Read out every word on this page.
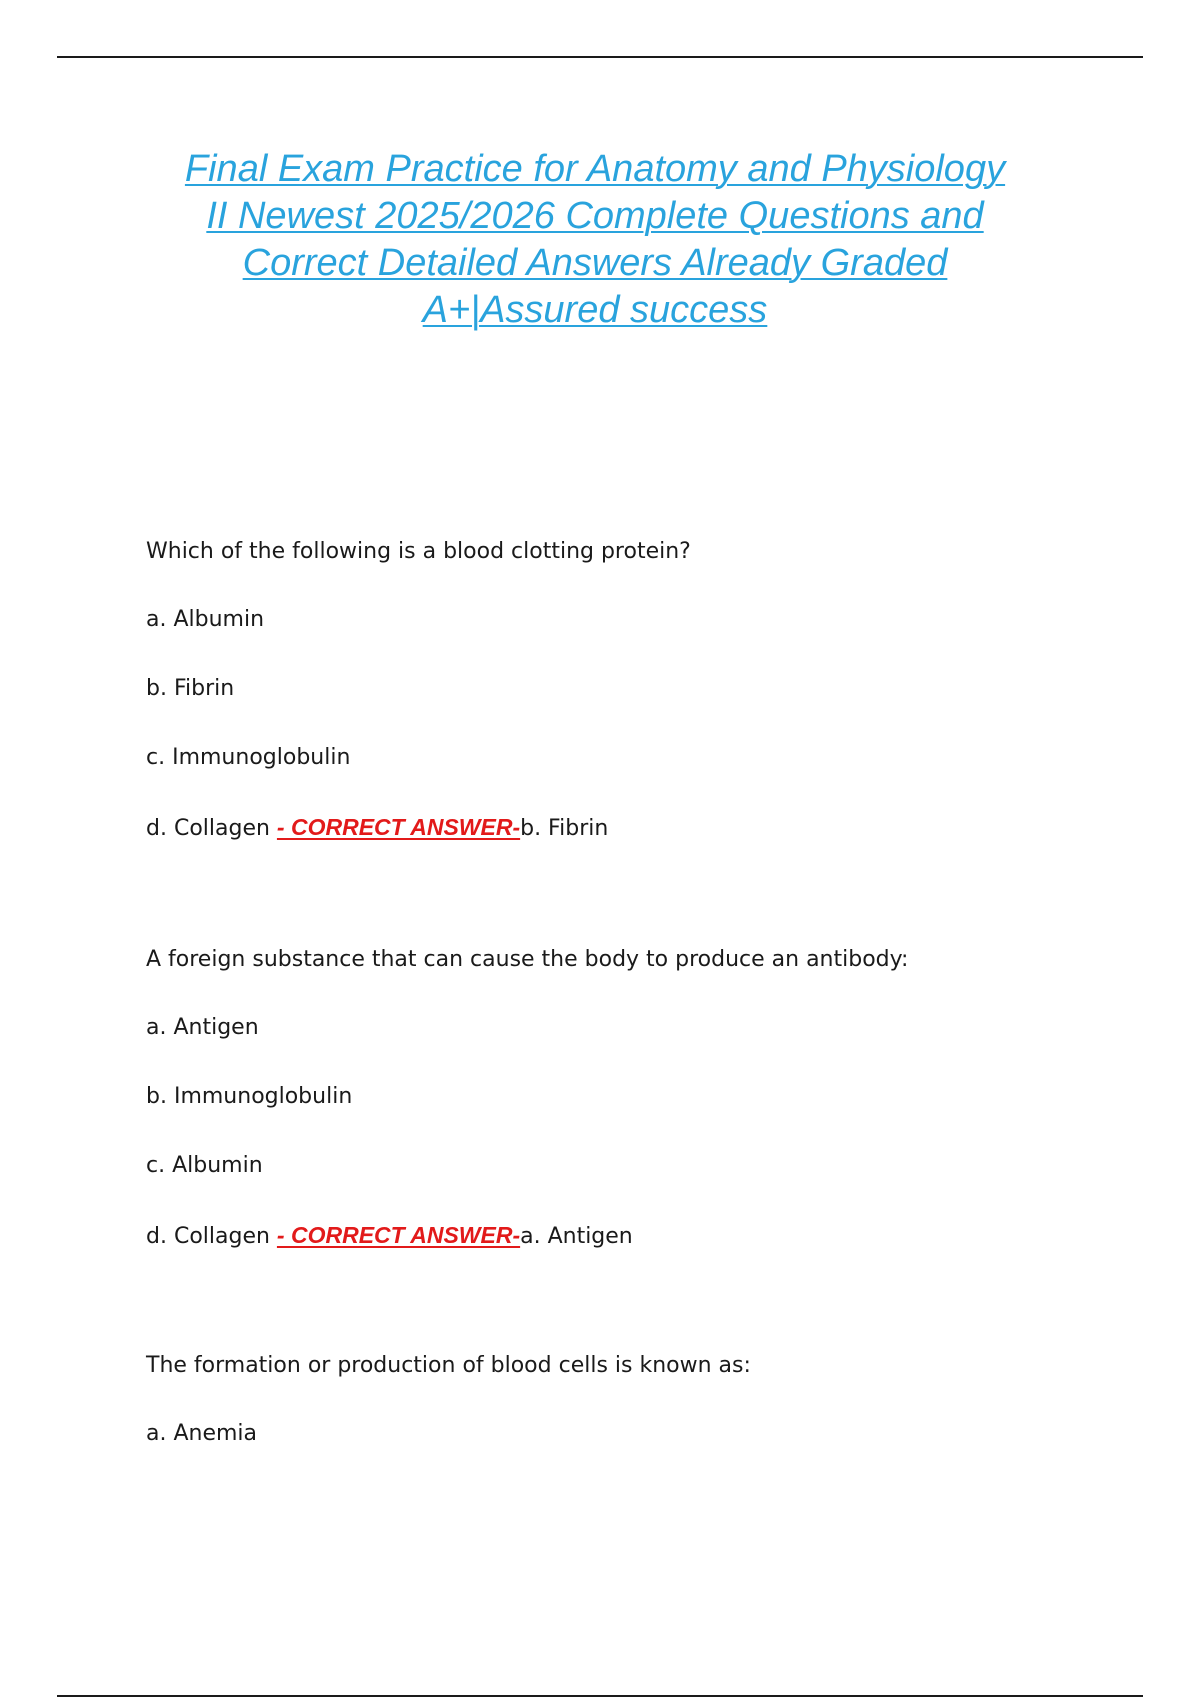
Final Exam Practice for Anatomy and Physiology
II Newest 2025/2026 Complete Questions and
Correct Detailed Answers Already Graded
A+|Assured success

Which of the following is a blood clotting protein?

a. Albumin

b. Fibrin

c. Immunoglobulin

d. Collagen - CORRECT ANSWER-b. Fibrin

A foreign substance that can cause the body to produce an antibody:

a. Antigen

b. Immunoglobulin

c. Albumin

d. Collagen - CORRECT ANSWER-a. Antigen

The formation or production of blood cells is known as:

a. Anemia
